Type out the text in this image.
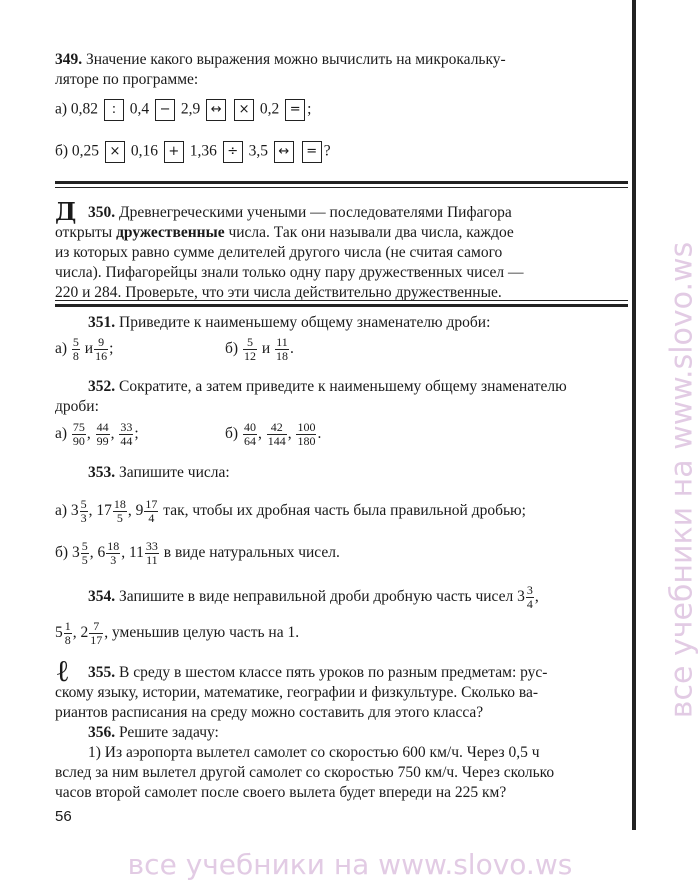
все учебники на www.slovo.ws
все учебники на www.slovo.ws
349. Значение какого выражения можно вычислить на микрокальку-
ляторе по программе:
а) 0,82 : 0,4 − 2,9 ↔ × 0,2 = ;
б) 0,25 × 0,16 + 1,36 ÷ 3,5 ↔ = ?
Д 350. Древнегреческими учеными — последователями Пифагора
открыты дружественные числа. Так они называли два числа, каждое
из которых равно сумме делителей другого числа (не считая самого
числа). Пифагорейцы знали только одну пару дружественных чисел —
220 и 284. Проверьте, что эти числа действительно дружественные.
351. Приведите к наименьшему общему знаменателю дроби:
$а) \frac{5}{8}$ и $\frac{9}{16}$ ;	$б) \frac{5}{12}$ и $\frac{11}{18}$ .
352. Сократите, а затем приведите к наименьшему общему знаменателю
дроби:
$а) \frac{75}{90}$ , $\frac{44}{99}$ , $\frac{33}{44}$ ;	$б) \frac{40}{64}$ , $\frac{42}{144}$ , $\frac{100}{180}$ .
353. Запишите числа:
а) $3 \frac{5}{3}$ , $17 \frac{18}{5}$ , $9 \frac{17}{4}$ так, чтобы их дробная часть была правильной дробью;
б) $3 \frac{5}{5}$ , $6 \frac{18}{3}$ , $11 \frac{33}{11}$ в виде натуральных чисел.
354. Запишите в виде неправильной дроби дробную часть чисел $3 \frac{3}{4}$ ,
$5 \frac{1}{8}$ , $2 \frac{7}{17}$ , уменьшив целую часть на 1.
ℓ 355. В среду в шестом классе пять уроков по разным предметам: рус-
скому языку, истории, математике, географии и физкультуре. Сколько ва-
риантов расписания на среду можно составить для этого класса?
356. Решите задачу:
1) Из аэропорта вылетел самолет со скоростью 600 км/ч. Через 0,5 ч
вслед за ним вылетел другой самолет со скоростью 750 км/ч. Через сколько
часов второй самолет после своего вылета будет впереди на 225 км?
56
